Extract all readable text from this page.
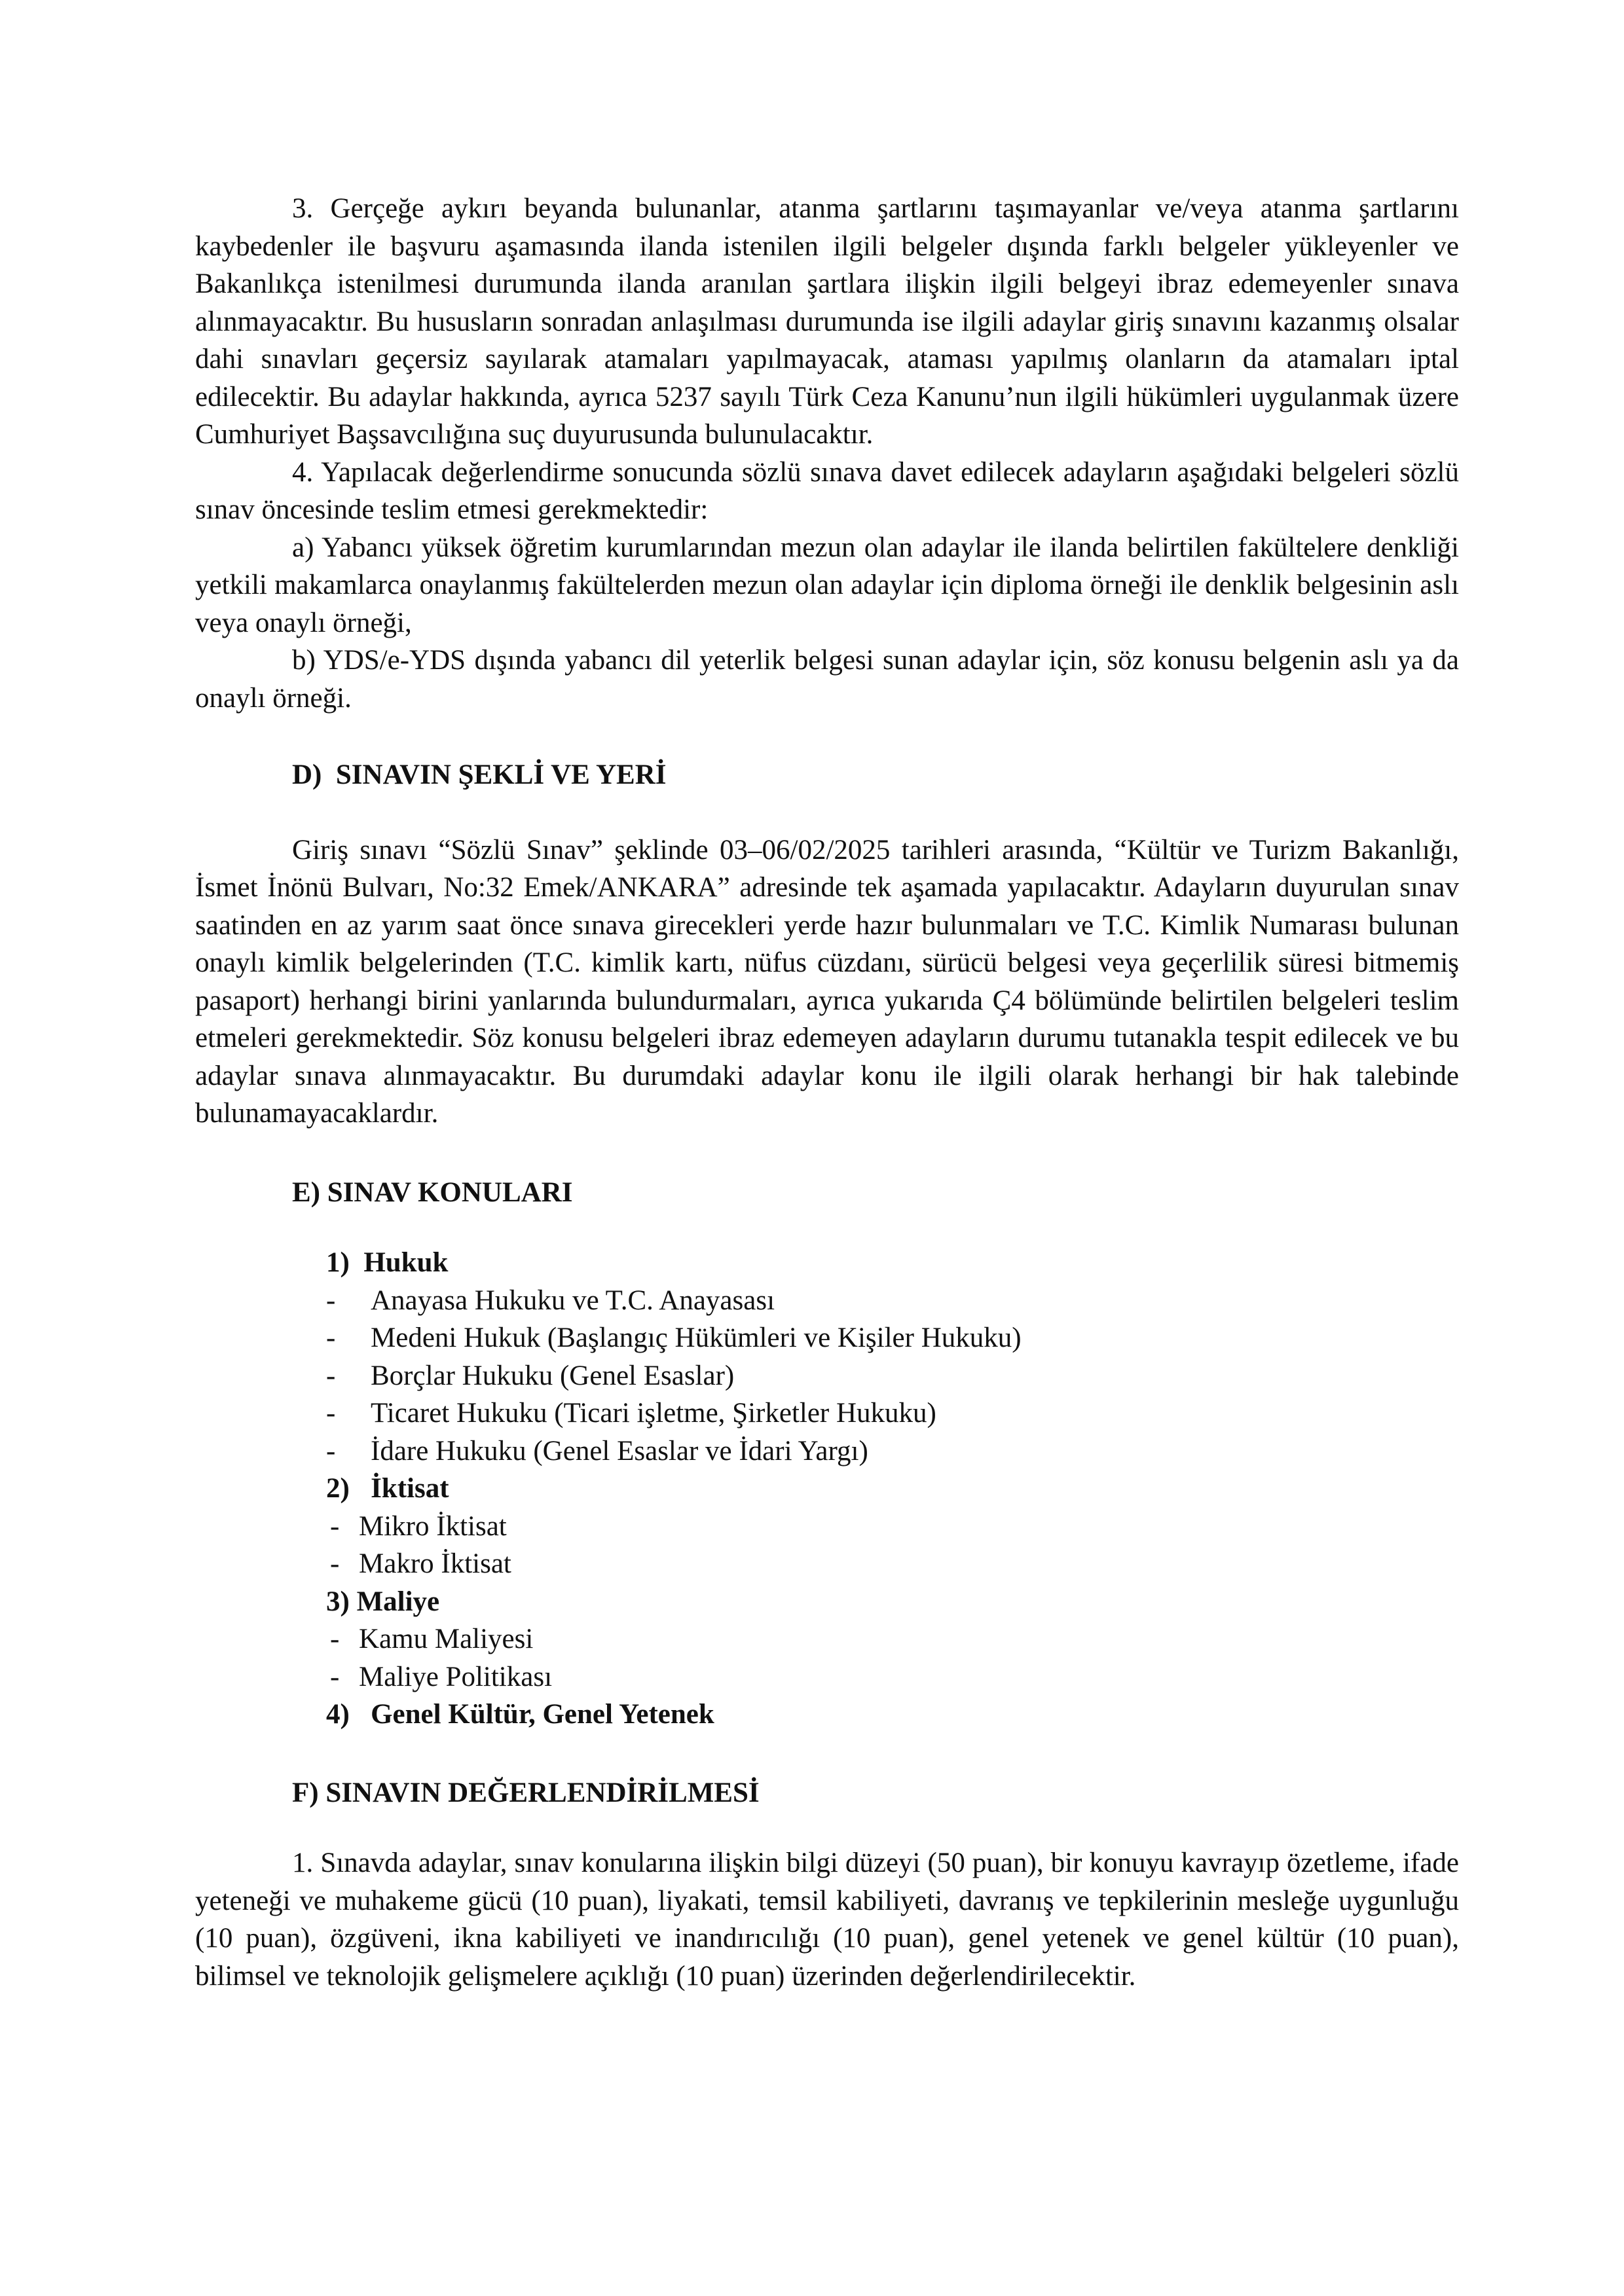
3. Gerçeğe aykırı beyanda bulunanlar, atanma şartlarını taşımayanlar ve/veya atanma şartlarını kaybedenler ile başvuru aşamasında ilanda istenilen ilgili belgeler dışında farklı belgeler yükleyenler ve Bakanlıkça istenilmesi durumunda ilanda aranılan şartlara ilişkin ilgili belgeyi ibraz edemeyenler sınava alınmayacaktır. Bu hususların sonradan anlaşılması durumunda ise ilgili adaylar giriş sınavını kazanmış olsalar dahi sınavları geçersiz sayılarak atamaları yapılmayacak, ataması yapılmış olanların da atamaları iptal edilecektir. Bu adaylar hakkında, ayrıca 5237 sayılı Türk Ceza Kanunu’nun ilgili hükümleri uygulanmak üzere Cumhuriyet Başsavcılığına suç duyurusunda bulunulacaktır.

4. Yapılacak değerlendirme sonucunda sözlü sınava davet edilecek adayların aşağıdaki belgeleri sözlü sınav öncesinde teslim etmesi gerekmektedir:

a) Yabancı yüksek öğretim kurumlarından mezun olan adaylar ile ilanda belirtilen fakültelere denkliği yetkili makamlarca onaylanmış fakültelerden mezun olan adaylar için diploma örneği ile denklik belgesinin aslı veya onaylı örneği,

b) YDS/e-YDS dışında yabancı dil yeterlik belgesi sunan adaylar için, söz konusu belgenin aslı ya da onaylı örneği.

D)  SINAVIN ŞEKLİ VE YERİ

Giriş sınavı “Sözlü Sınav” şeklinde 03–06/02/2025 tarihleri arasında, “Kültür ve Turizm Bakanlığı, İsmet İnönü Bulvarı, No:32 Emek/ANKARA” adresinde tek aşamada yapılacaktır. Adayların duyurulan sınav saatinden en az yarım saat önce sınava girecekleri yerde hazır bulunmaları ve T.C. Kimlik Numarası bulunan onaylı kimlik belgelerinden (T.C. kimlik kartı, nüfus cüzdanı, sürücü belgesi veya geçerlilik süresi bitmemiş pasaport) herhangi birini yanlarında bulundurmaları, ayrıca yukarıda Ç4 bölümünde belirtilen belgeleri teslim etmeleri gerekmektedir. Söz konusu belgeleri ibraz edemeyen adayların durumu tutanakla tespit edilecek ve bu adaylar sınava alınmayacaktır. Bu durumdaki adaylar konu ile ilgili olarak herhangi bir hak talebinde bulunamayacaklardır.

E) SINAV KONULARI

1)  Hukuk
-	Anayasa Hukuku ve T.C. Anayasası
-	Medeni Hukuk (Başlangıç Hükümleri ve Kişiler Hukuku)
-	Borçlar Hukuku (Genel Esaslar)
-	Ticaret Hukuku (Ticari işletme, Şirketler Hukuku)
-	İdare Hukuku (Genel Esaslar ve İdari Yargı)
2)   İktisat
- Mikro İktisat
- Makro İktisat
3) Maliye
- Kamu Maliyesi
- Maliye Politikası
4)   Genel Kültür, Genel Yetenek

F) SINAVIN DEĞERLENDİRİLMESİ

1. Sınavda adaylar, sınav konularına ilişkin bilgi düzeyi (50 puan), bir konuyu kavrayıp özetleme, ifade yeteneği ve muhakeme gücü (10 puan), liyakati, temsil kabiliyeti, davranış ve tepkilerinin mesleğe uygunluğu (10 puan), özgüveni, ikna kabiliyeti ve inandırıcılığı (10 puan), genel yetenek ve genel kültür (10 puan), bilimsel ve teknolojik gelişmelere açıklığı (10 puan) üzerinden değerlendirilecektir.
